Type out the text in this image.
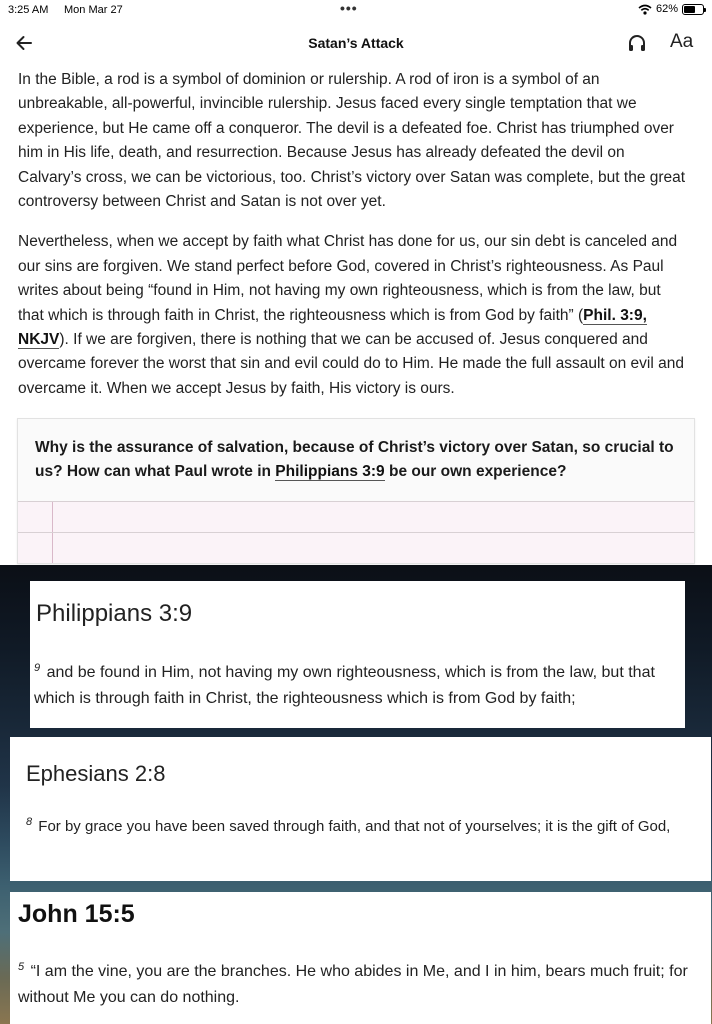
3:25 AM Mon Mar 27	•••	62%
Satan’s Attack	Aa

In the Bible, a rod is a symbol of dominion or rulership. A rod of iron is a symbol of an unbreakable, all-powerful, invincible rulership. Jesus faced every single temptation that we experience, but He came off a conqueror. The devil is a defeated foe. Christ has triumphed over him in His life, death, and resurrection. Because Jesus has already defeated the devil on Calvary’s cross, we can be victorious, too. Christ’s victory over Satan was complete, but the great controversy between Christ and Satan is not over yet.

Nevertheless, when we accept by faith what Christ has done for us, our sin debt is canceled and our sins are forgiven. We stand perfect before God, covered in Christ’s righteousness. As Paul writes about being “found in Him, not having my own righteousness, which is from the law, but that which is through faith in Christ, the righteousness which is from God by faith” (Phil. 3:9, NKJV). If we are forgiven, there is nothing that we can be accused of. Jesus conquered and overcame forever the worst that sin and evil could do to Him. He made the full assault on evil and overcame it. When we accept Jesus by faith, His victory is ours.

Why is the assurance of salvation, because of Christ’s victory over Satan, so crucial to us? How can what Paul wrote in Philippians 3:9 be our own experience?
Philippians 3:9
$^9$ and be found in Him, not having my own righteousness, which is from the law, but that which is through faith in Christ, the righteousness which is from God by faith;
Ephesians 2:8
$^8$ For by grace you have been saved through faith, and that not of yourselves; it is the gift of God,
John 15:5
$^5$ “I am the vine, you are the branches. He who abides in Me, and I in him, bears much fruit; for without Me you can do nothing.
